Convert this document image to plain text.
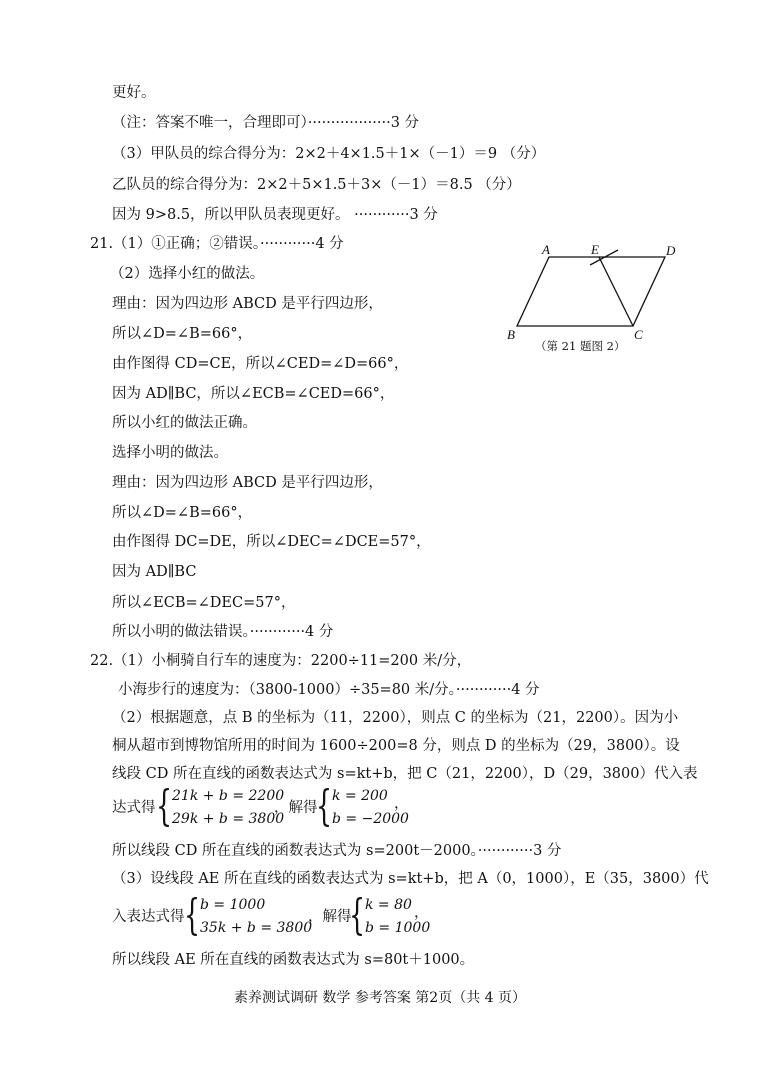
更好。
（注：答案不唯一，合理即可）··················3 分
（3）甲队员的综合得分为：2×2＋4×1.5＋1×（－1）＝9 （分）
乙队员的综合得分为：2×2＋5×1.5＋3×（－1）＝8.5 （分）
因为 9>8.5，所以甲队员表现更好。 ············3 分
21.（1）①正确；②错误。············4 分
（2）选择小红的做法。
理由：因为四边形 ABCD 是平行四边形，
所以∠D=∠B=66°，
由作图得 CD=CE，所以∠CED=∠D=66°，
因为 AD∥BC，所以∠ECB=∠CED=66°，
所以小红的做法正确。
选择小明的做法。
理由：因为四边形 ABCD 是平行四边形，
所以∠D=∠B=66°，
由作图得 DC=DE，所以∠DEC=∠DCE=57°，
因为 AD∥BC
所以∠ECB=∠DEC=57°，
所以小明的做法错误。············4 分
22.（1）小桐骑自行车的速度为：2200÷11=200 米/分，
小海步行的速度为：（3800-1000）÷35=80 米/分。············4 分
（2）根据题意，点 B 的坐标为（11，2200），则点 C 的坐标为（21，2200）。因为小
桐从超市到博物馆所用的时间为 1600÷200=8 分，则点 D 的坐标为（29，3800）。设
线段 CD 所在直线的函数表达式为 s=kt+b，把 C（21，2200），D（29，3800）代入表
达式得 { 21k + b = 2200
29k + b = 3800
，解得
{ k = 200
b = −2000
，
所以线段 CD 所在直线的函数表达式为 s=200t－2000。············3 分
（3）设线段 AE 所在直线的函数表达式为 s=kt+b，把 A（0，1000），E（35，3800）代
入表达式得 { b = 1000
35k + b = 3800
，解得
{ k = 80
b = 1000
，
所以线段 AE 所在直线的函数表达式为 s=80t＋1000。
A	E	D
B	C
（第 21 题图 2）
素养测试调研 数学 参考答案 第2页（共 4 页）
